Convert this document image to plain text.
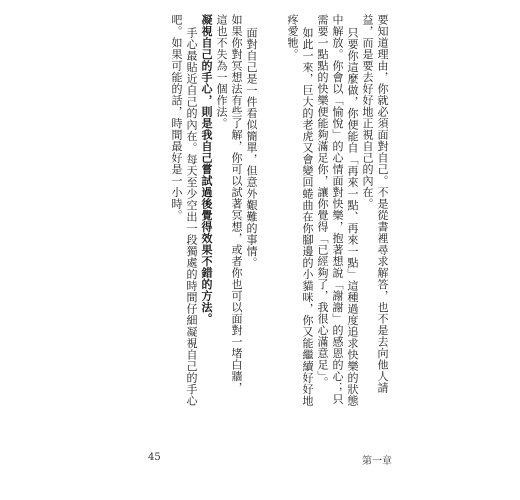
要知道理由，你就必須面對自己。不是從書裡尋求解答，也不是去向他人請
益，而是要去好好地正視自己的內在。
只要你這麼做，你便能自「再來一點、再來一點」這種過度追求快樂的狀態
中解放。你會以「愉悅」的心情面對快樂，抱著想說「謝謝」的感恩的心；只
需要一點點的快樂便能夠滿足你，讓你覺得「已經夠了，我很心滿意足」。
如此一來，巨大的老虎又會變回蜷曲在你腳邊的小貓咪，你又能繼續好好地
疼愛牠。
面對自己是一件看似簡單，但意外艱難的事情。
如果你對冥想法有些了解，你可以試著冥想，或者你也可以面對一堵白牆，
這也不失為一個作法。
凝視自己的手心，則是我自己嘗試過後覺得效果不錯的方法。
手心最貼近自己的內在。每天至少空出一段獨處的時間仔細凝視自己的手心
吧。如果可能的話，時間最好是一小時。
45	第一章
